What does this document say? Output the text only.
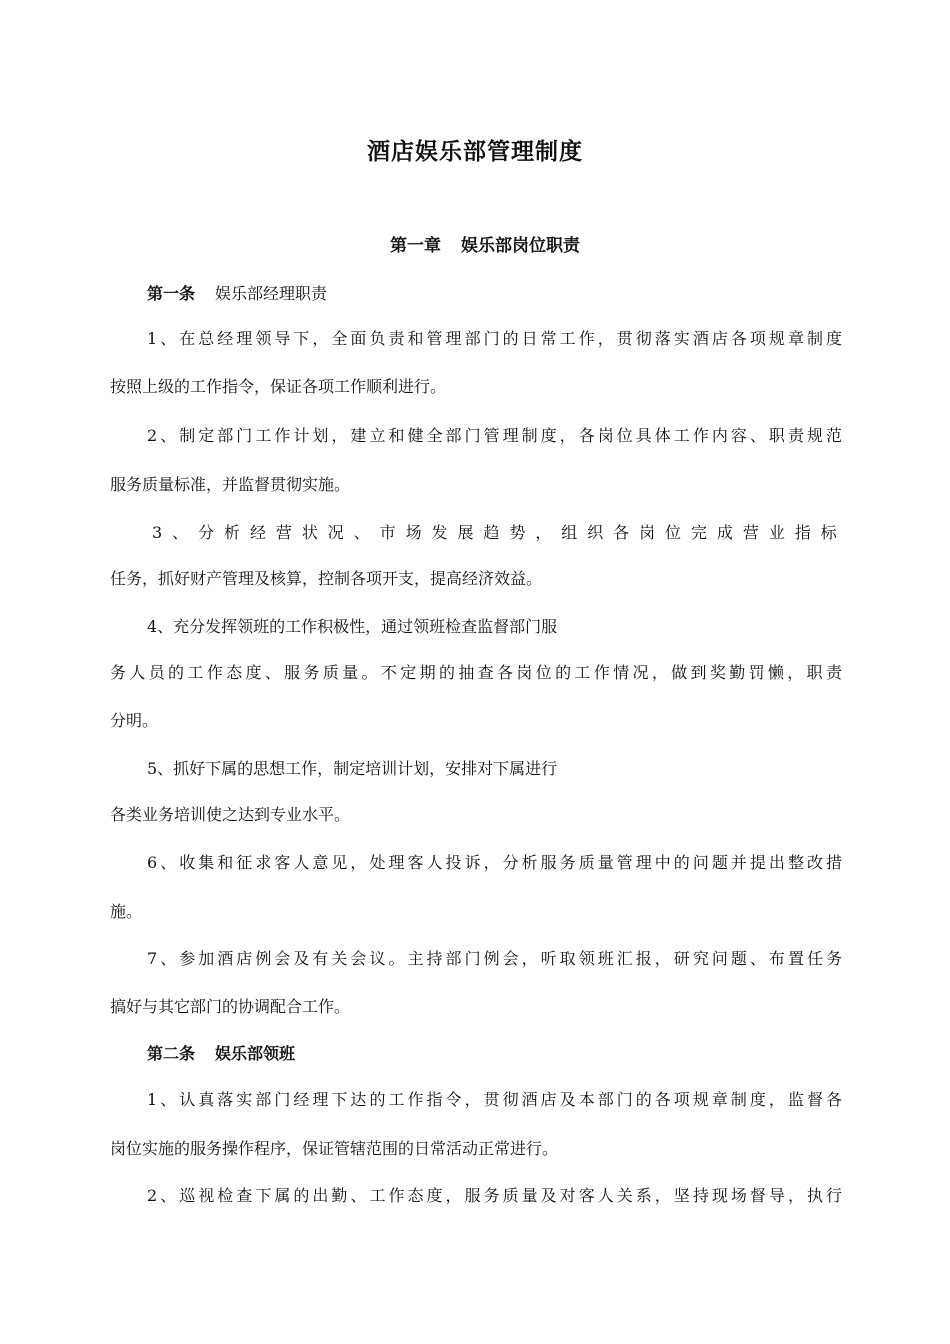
酒店娱乐部管理制度
第一章 娱乐部岗位职责
第一条 娱乐部经理职责
1、在总经理领导下，全面负责和管理部门的日常工作，贯彻落实酒店各项规章制度
按照上级的工作指令，保证各项工作顺利进行。
2、制定部门工作计划，建立和健全部门管理制度，各岗位具体工作内容、职责规范
服务质量标准，并监督贯彻实施。
3、分析经营状况、市场发展趋势，组织各岗位完成营业指标
任务，抓好财产管理及核算，控制各项开支，提高经济效益。
4、充分发挥领班的工作积极性，通过领班检查监督部门服
务人员的工作态度、服务质量。不定期的抽查各岗位的工作情况，做到奖勤罚懒，职责
分明。
5、抓好下属的思想工作，制定培训计划，安排对下属进行
各类业务培训使之达到专业水平。
6、收集和征求客人意见，处理客人投诉，分析服务质量管理中的问题并提出整改措
施。
7、参加酒店例会及有关会议。主持部门例会，听取领班汇报，研究问题、布置任务
搞好与其它部门的协调配合工作。
第二条 娱乐部领班
1、认真落实部门经理下达的工作指令，贯彻酒店及本部门的各项规章制度，监督各
岗位实施的服务操作程序，保证管辖范围的日常活动正常进行。
2、巡视检查下属的出勤、工作态度，服务质量及对客人关系，坚持现场督导，执行
